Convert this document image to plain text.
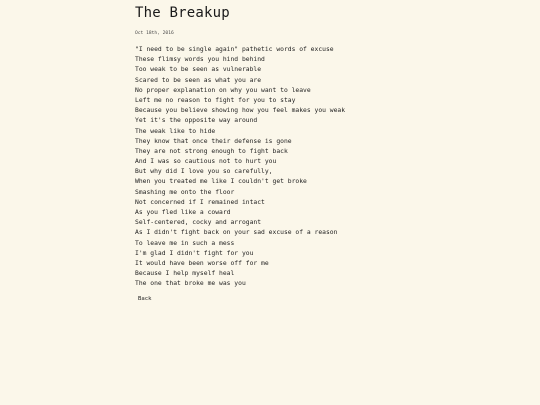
The Breakup
Oct 18th, 2016
"I need to be single again" pathetic words of excuse
These flimsy words you hind behind
Too weak to be seen as vulnerable
Scared to be seen as what you are
No proper explanation on why you want to leave
Left me no reason to fight for you to stay
Because you believe showing how you feel makes you weak
Yet it's the opposite way around
The weak like to hide
They know that once their defense is gone
They are not strong enough to fight back
And I was so cautious not to hurt you
But why did I love you so carefully,
When you treated me like I couldn't get broke
Smashing me onto the floor
Not concerned if I remained intact
As you fled like a coward
Self-centered, cocky and arrogant
As I didn't fight back on your sad excuse of a reason
To leave me in such a mess
I'm glad I didn't fight for you
It would have been worse off for me
Because I help myself heal
The one that broke me was you
Back
